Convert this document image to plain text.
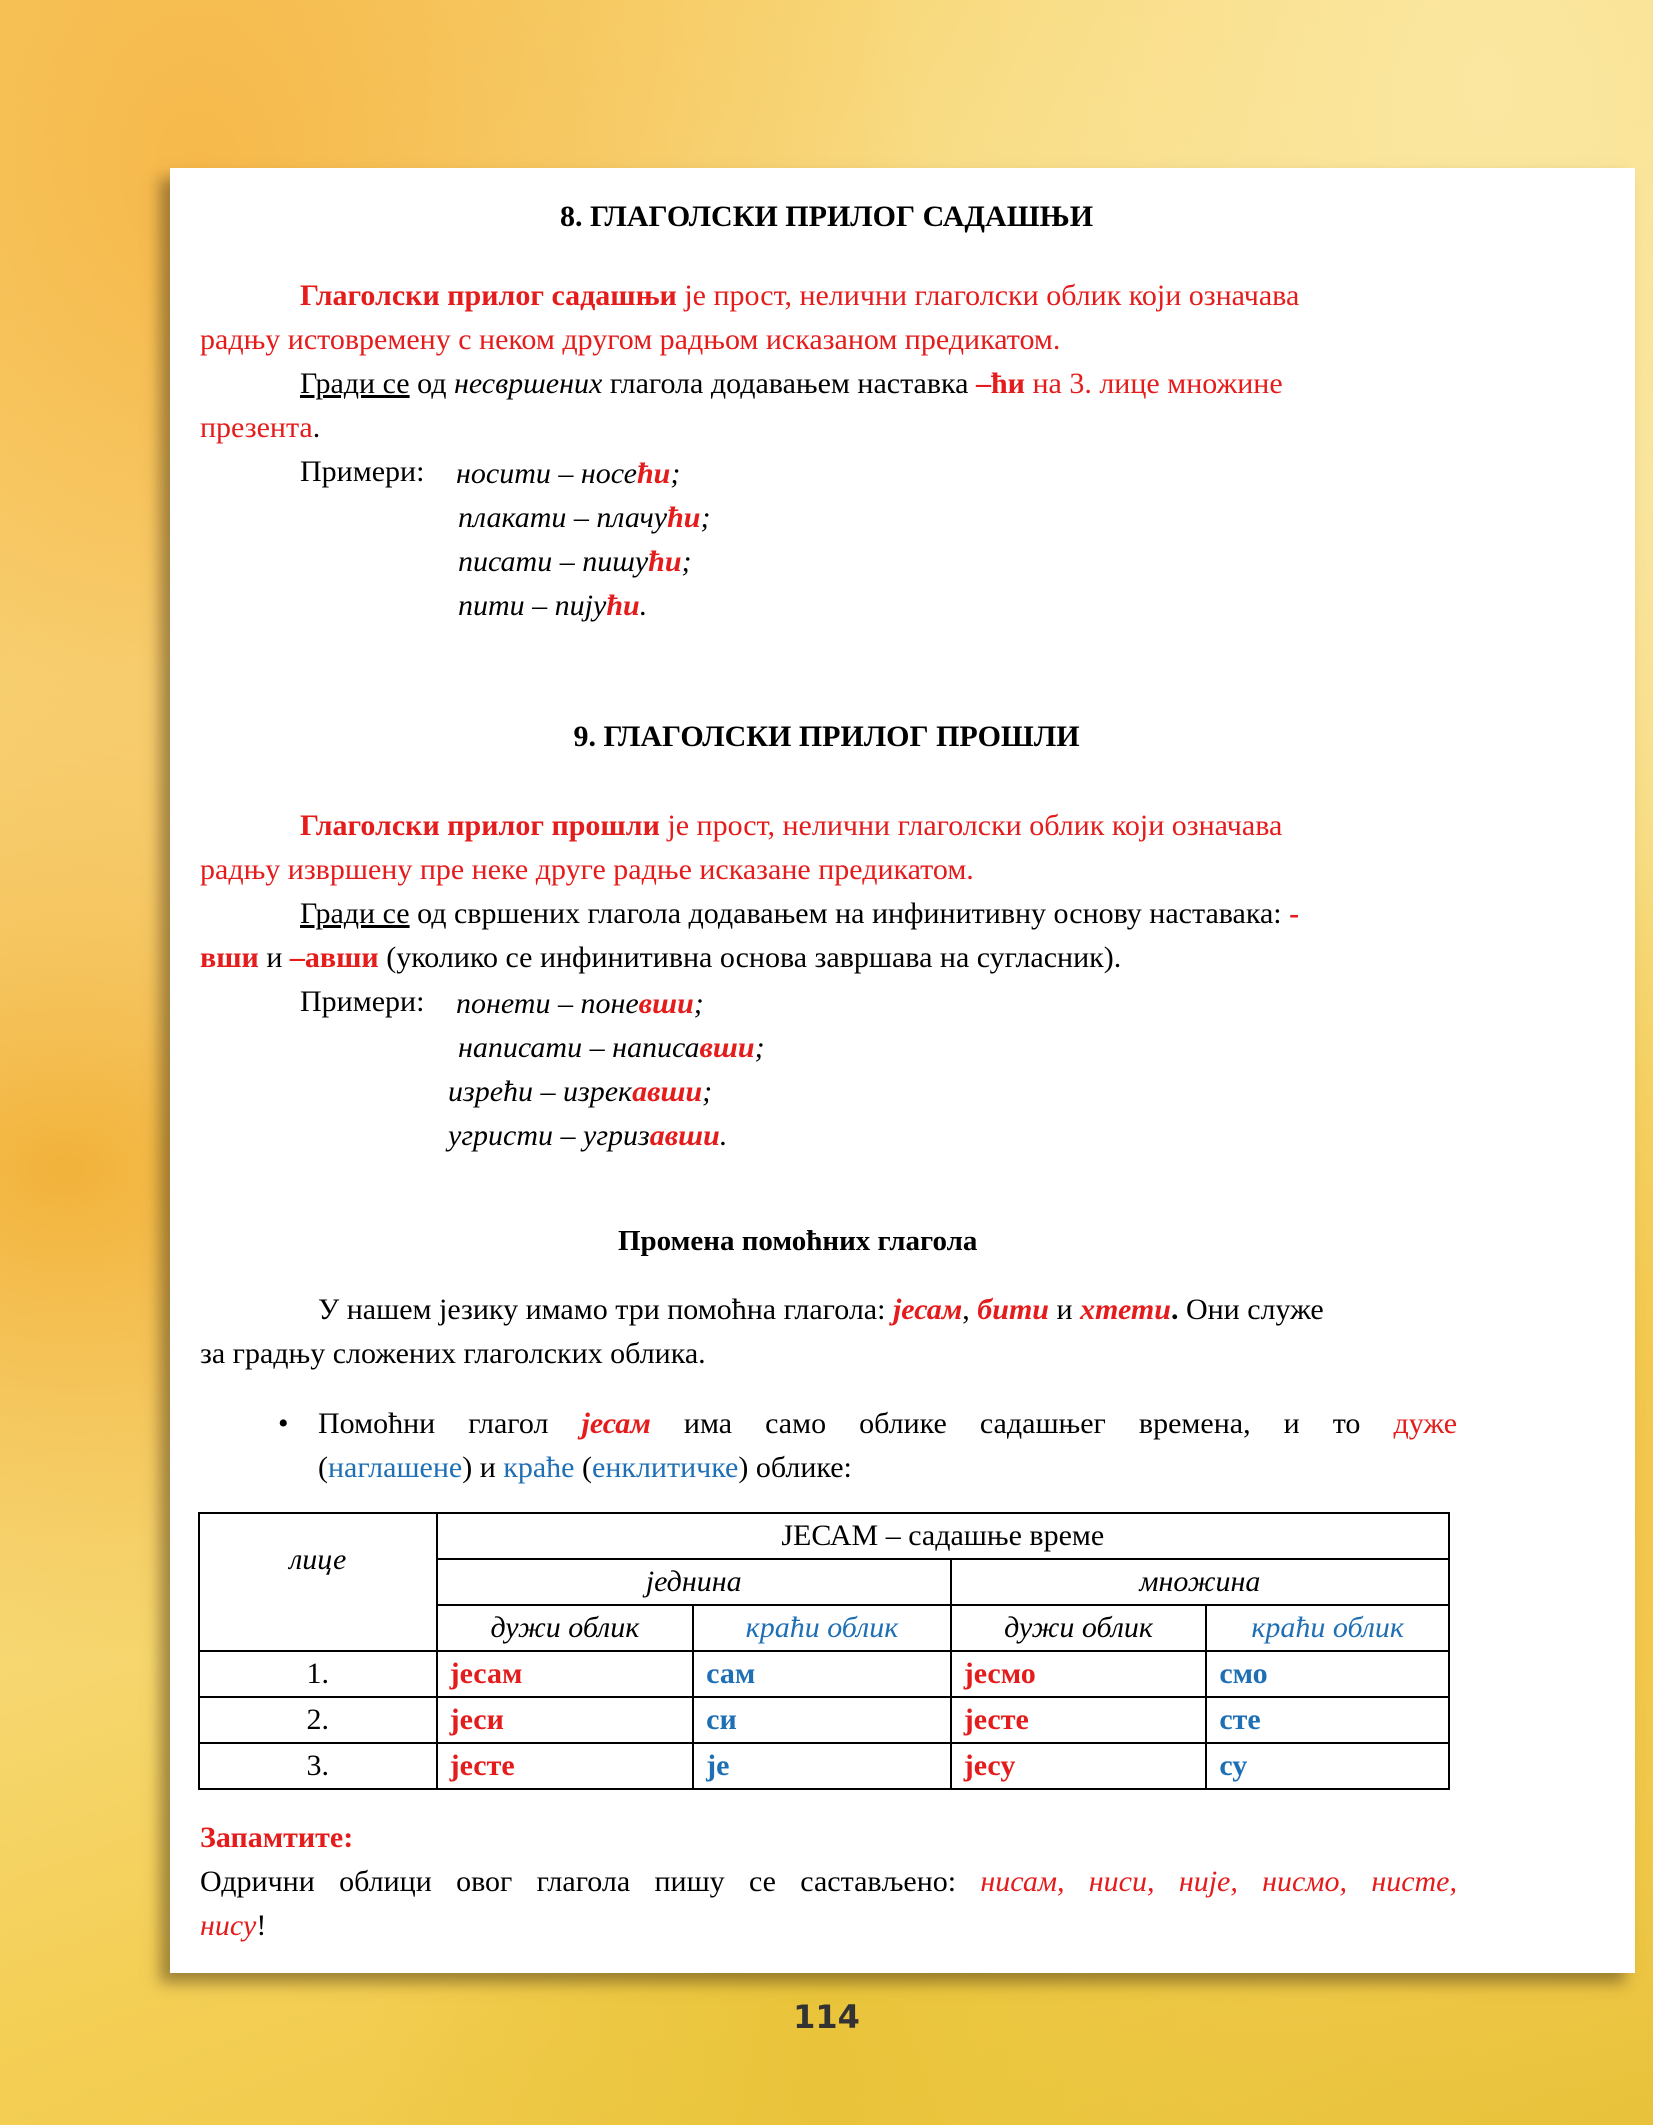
8. ГЛАГОЛСКИ ПРИЛОГ САДАШЊИ
Глаголски прилог садашњи је прост, нелични глаголски облик који означава
радњу истовремену с неком другом радњом исказаном предикатом.
Гради се од несвршених глагола додавањем наставка –ћи на 3. лице множине
презента.
Примери: носити – носећи;
плакати – плачући;
писати – пишући;
пити – пијући.
9. ГЛАГОЛСКИ ПРИЛОГ ПРОШЛИ
Глаголски прилог прошли је прост, нелични глаголски облик који означава
радњу извршену пре неке друге радње исказане предикатом.
Гради се од свршених глагола додавањем на инфинитивну основу наставака: -
вши и –авши (уколико се инфинитивна основа завршава на сугласник).
Примери: понети – поневши;
написати – написавши;
изрећи – изрекавши;
угристи – угризавши.
Промена помоћних глагола
У нашем језику имамо три помоћна глагола: јесам, бити и хтети. Они служе
за градњу сложених глаголских облика.
• Помоћни глагол јесам има само облике садашњег времена, и то дуже
(наглашене) и краће (енклитичке) облике:
лице	ЈЕСАМ – садашње време			
	једнина		множина	
	дужи облик	краћи облик	дужи облик	краћи облик
1.	јесам	сам	јесмо	смо
2.	јеси	си	јесте	сте
3.	јесте	је	јесу	су
Запамтите:
Одрични облици овог глагола пишу се састављено: нисам, ниси, није, нисмо, нисте,
нису!
114
